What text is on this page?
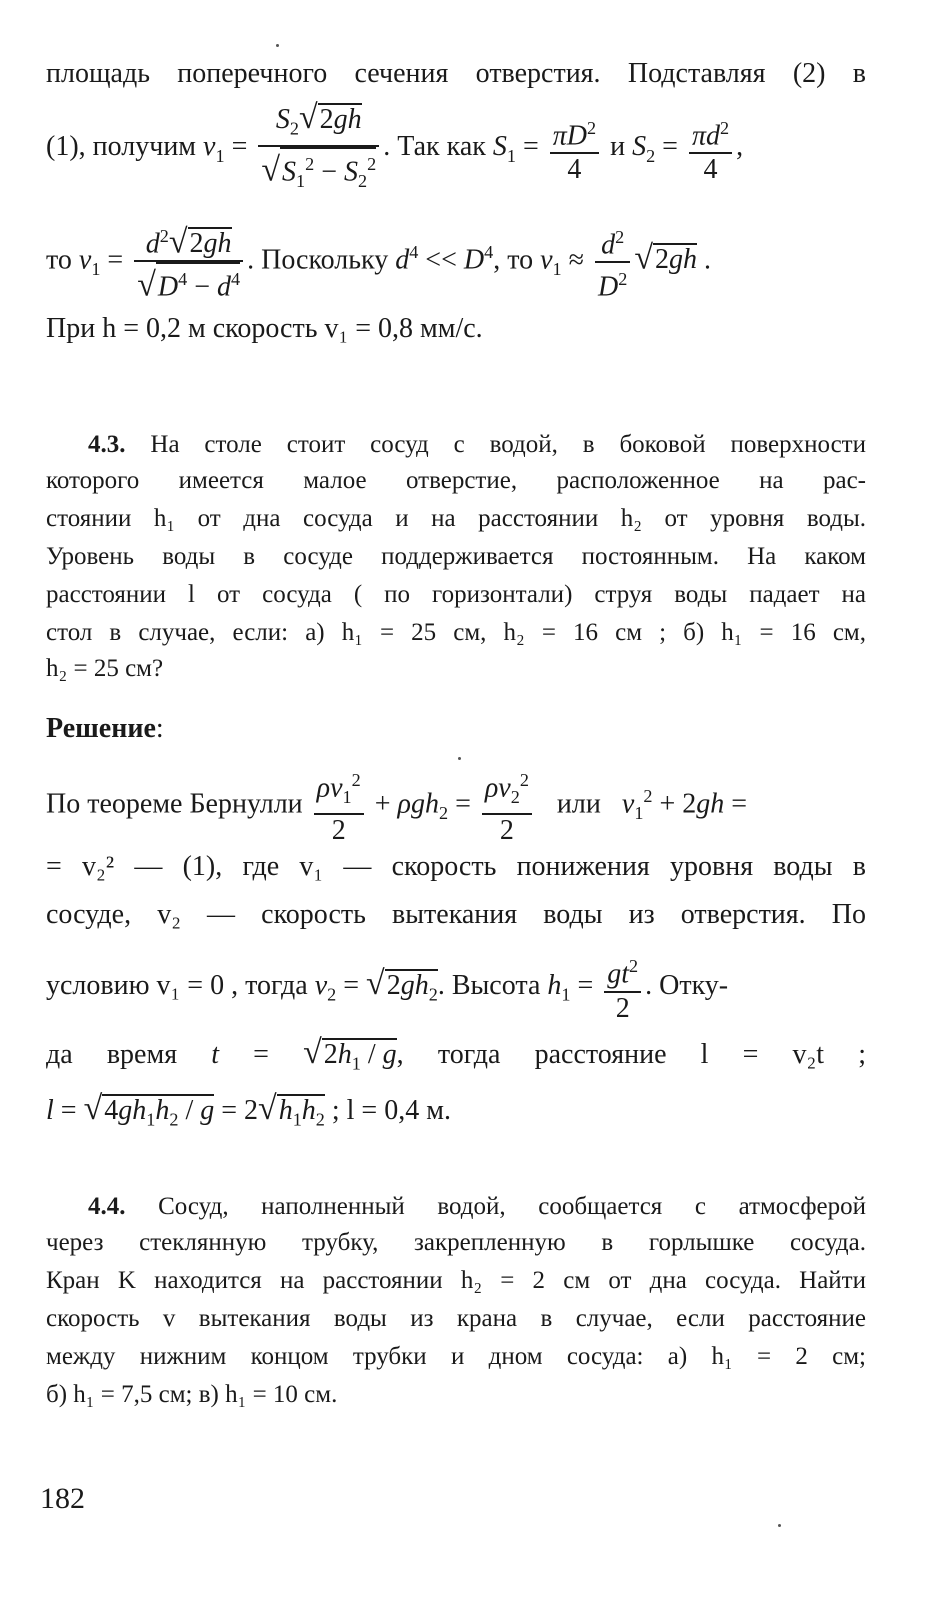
площадь поперечного сечения отверстия. Подставляя (2) в
(1), получим $v_1 = \frac{S_2√2gh}{√S_1^2 - S_2^2}$ . Так как $S_1 = \frac{\pi D^2}{4}$ и $S_2 = \frac{\pi d^2}{4}$ ,
то $v_1 = \frac{d^2√2gh}{√D^4 - d^4}$ . Поскольку $d^4 << D^4$, то $v_1 \approx \frac{d^2}{D^2} √2gh$ .
При h = 0,2 м скорость v₁ = 0,8 мм/с.
4.3. На столе стоит сосуд с водой, в боковой поверхности
которого имеется малое отверстие, расположенное на рас-
стоянии h₁ от дна сосуда и на расстоянии h₂ от уровня воды.
Уровень воды в сосуде поддерживается постоянным. На каком
расстоянии l от сосуда ( по горизонтали) струя воды падает на
стол в случае, если: а) h₁ = 25 см, h₂ = 16 см ; б) h₁ = 16 см,
h₂ = 25 см?
Решение:
По теореме Бернулли $\frac{\rho v_1^2}{2} + \rho gh_2 = \frac{\rho v_2^2}{2}$ или $v_1^2 + 2gh$ =
= v₂² — (1), где v₁ — скорость понижения уровня воды в
сосуде, v₂ — скорость вытекания воды из отверстия. По
условию v₁ = 0 , тогда $v_2 = √2gh_2$. Высота $h_1 = \frac{gt^2}{2}$ . Отку-
да время $t = √2h_1 / g$, тогда расстояние l = v₂t ;
$l = √4gh_1h_2 / g = 2√h_1h_2$ ; l = 0,4 м.
4.4. Сосуд, наполненный водой, сообщается с атмосферой
через стеклянную трубку, закрепленную в горлышке сосуда.
Кран K находится на расстоянии h₂ = 2 см от дна сосуда. Найти
скорость v вытекания воды из крана в случае, если расстояние
между нижним концом трубки и дном сосуда: а) h₁ = 2 см;
б) h₁ = 7,5 см; в) h₁ = 10 см.
182
